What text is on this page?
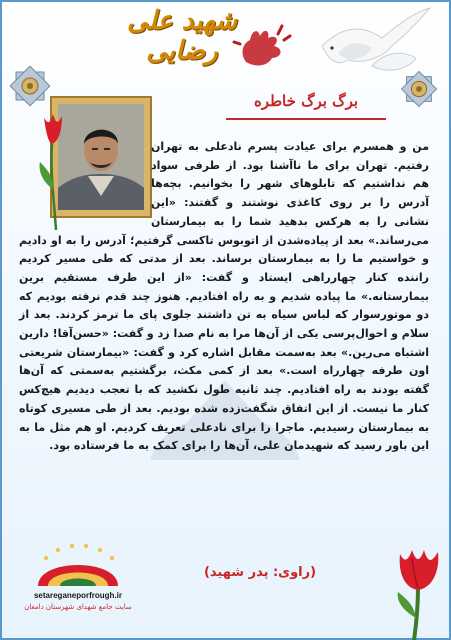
شهید علی رضایی
برگ برگ خاطره
من و همسرم برای عیادت پسرم نادعلی به تهران رفتیم. تهران برای ما ناآشنا بود. از طرفی سواد هم نداشتیم که تابلوهای شهر را بخوانیم. بچه‌ها آدرس را بر روی کاغذی نوشتند و گفتند: «این نشانی را به هرکس بدهید شما را به بیمارستان می‌رساند.» بعد از پیاده‌شدن از اتوبوس تاکسی گرفتیم؛ آدرس را به او دادیم و خواستیم ما را به بیمارستان برساند. بعد از مدتی که طی مسیر کردیم راننده کنار چهارراهی ایستاد و گفت: «از این طرف مستقیم برین بیمارستانه.» ما پیاده شدیم و به راه افتادیم. هنوز چند قدم نرفته بودیم که دو موتورسوار که لباس سیاه به تن داشتند جلوی پای ما ترمز کردند. بعد از سلام و احوال‌پرسی یکی از آن‌ها مرا به نام صدا زد و گفت: «حسن‌آقا! دارین اشتباه می‌رین.» بعد به‌سمت مقابل اشاره کرد و گفت: «بیمارستان شریعتی اون طرفه چهارراه است.» بعد از کمی مکث، برگشتیم به‌سمتی که آن‌ها گفته بودند به راه افتادیم. چند ثانیه طول نکشید که با تعجب دیدیم هیچ‌کس کنار ما نیست. از این اتفاق شگفت‌زده شده بودیم. بعد از طی مسیری کوتاه به بیمارستان رسیدیم. ماجرا را برای نادعلی تعریف کردیم. او هم مثل ما به این باور رسید که شهیدمان علی، آن‌ها را برای کمک به ما فرستاده بود.
(راوی: پدر شهید)
setareganeporfrough.ir
سایت جامع شهدای شهرستان دامغان
